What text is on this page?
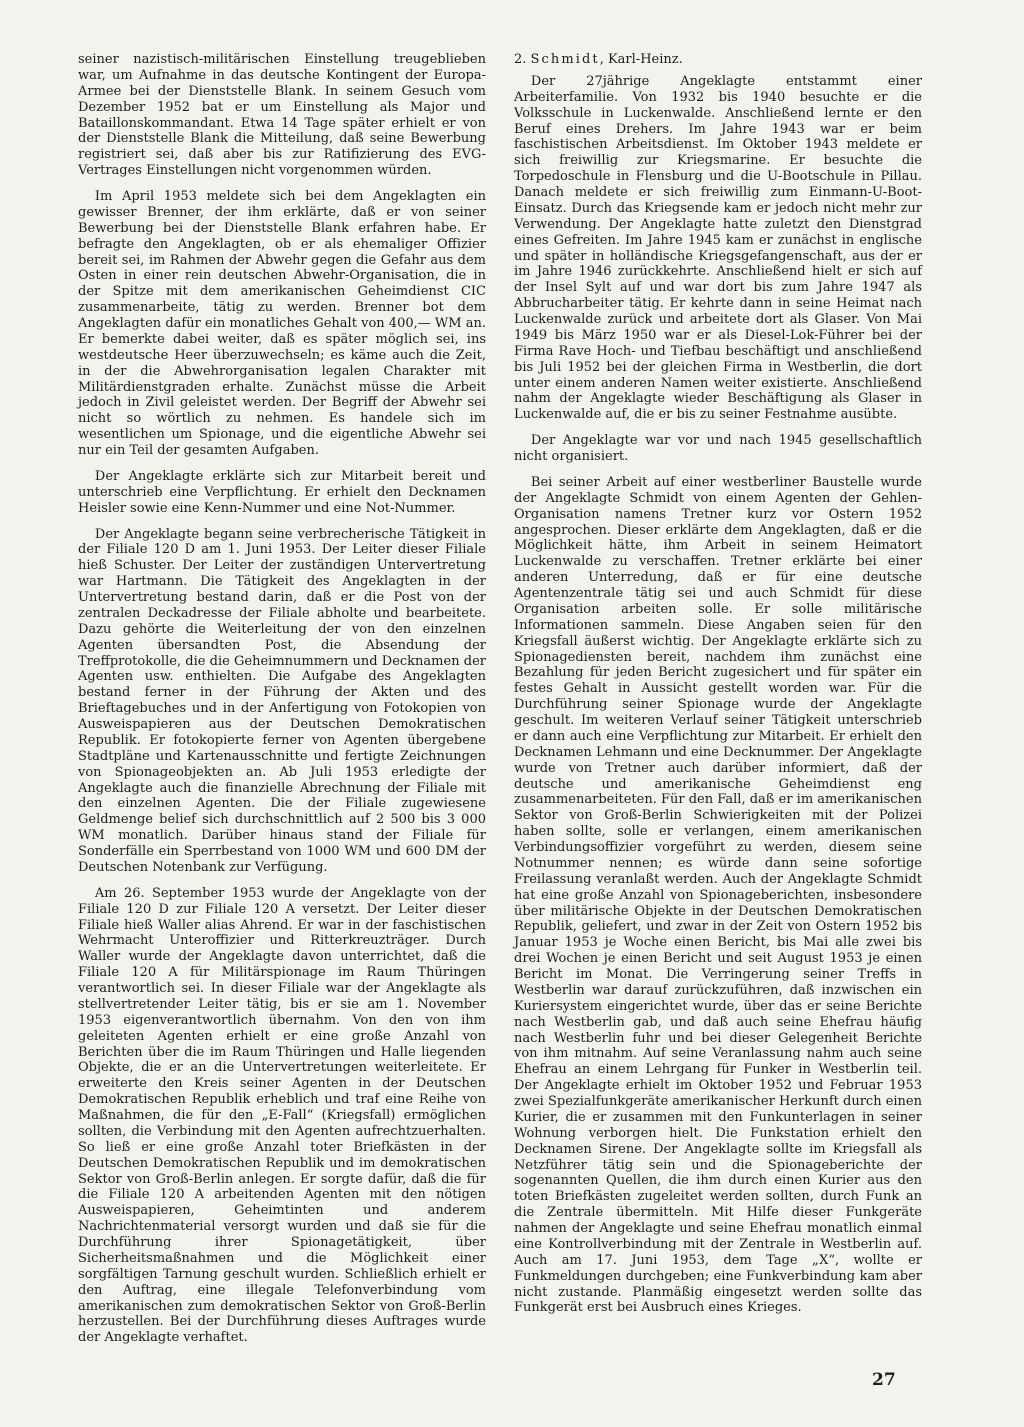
seiner nazistisch-militärischen Einstellung treugeblieben war, um Aufnahme in das deutsche Kontingent der Europa-Armee bei der Dienststelle Blank. In seinem Gesuch vom Dezember 1952 bat er um Einstellung als Major und Bataillonskommandant. Etwa 14 Tage später erhielt er von der Dienststelle Blank die Mitteilung, daß seine Bewerbung registriert sei, daß aber bis zur Ratifizierung des EVG-Vertrages Einstellungen nicht vorgenommen würden.

Im April 1953 meldete sich bei dem Angeklagten ein gewisser Brenner, der ihm erklärte, daß er von seiner Bewerbung bei der Dienststelle Blank erfahren habe. Er befragte den Angeklagten, ob er als ehemaliger Offizier bereit sei, im Rahmen der Abwehr gegen die Gefahr aus dem Osten in einer rein deutschen Abwehr-Organisation, die in der Spitze mit dem amerikanischen Geheimdienst CIC zusammenarbeite, tätig zu werden. Brenner bot dem Angeklagten dafür ein monatliches Gehalt von 400,— WM an. Er bemerkte dabei weiter, daß es später möglich sei, ins westdeutsche Heer überzuwechseln; es käme auch die Zeit, in der die Abwehrorganisation legalen Charakter mit Militärdienstgraden erhalte. Zunächst müsse die Arbeit jedoch in Zivil geleistet werden. Der Begriff der Abwehr sei nicht so wörtlich zu nehmen. Es handele sich im wesentlichen um Spionage, und die eigentliche Abwehr sei nur ein Teil der gesamten Aufgaben.

Der Angeklagte erklärte sich zur Mitarbeit bereit und unterschrieb eine Verpflichtung. Er erhielt den Decknamen Heisler sowie eine Kenn-Nummer und eine Not-Nummer.

Der Angeklagte begann seine verbrecherische Tätigkeit in der Filiale 120 D am 1. Juni 1953. Der Leiter dieser Filiale hieß Schuster. Der Leiter der zuständigen Untervertretung war Hartmann. Die Tätigkeit des Angeklagten in der Untervertretung bestand darin, daß er die Post von der zentralen Deckadresse der Filiale abholte und bearbeitete. Dazu gehörte die Weiterleitung der von den einzelnen Agenten übersandten Post, die Absendung der Treffprotokolle, die die Geheimnummern und Decknamen der Agenten usw. enthielten. Die Aufgabe des Angeklagten bestand ferner in der Führung der Akten und des Brieftagebuches und in der Anfertigung von Fotokopien von Ausweispapieren aus der Deutschen Demokratischen Republik. Er fotokopierte ferner von Agenten übergebene Stadtpläne und Kartenausschnitte und fertigte Zeichnungen von Spionageobjekten an. Ab Juli 1953 erledigte der Angeklagte auch die finanzielle Abrechnung der Filiale mit den einzelnen Agenten. Die der Filiale zugewiesene Geldmenge belief sich durchschnittlich auf 2 500 bis 3 000 WM monatlich. Darüber hinaus stand der Filiale für Sonderfälle ein Sperrbestand von 1000 WM und 600 DM der Deutschen Notenbank zur Verfügung.

Am 26. September 1953 wurde der Angeklagte von der Filiale 120 D zur Filiale 120 A versetzt. Der Leiter dieser Filiale hieß Waller alias Ahrend. Er war in der faschistischen Wehrmacht Unteroffizier und Ritterkreuzträger. Durch Waller wurde der Angeklagte davon unterrichtet, daß die Filiale 120 A für Militärspionage im Raum Thüringen verantwortlich sei. In dieser Filiale war der Angeklagte als stellvertretender Leiter tätig, bis er sie am 1. November 1953 eigenverantwortlich übernahm. Von den von ihm geleiteten Agenten erhielt er eine große Anzahl von Berichten über die im Raum Thüringen und Halle liegenden Objekte, die er an die Untervertretungen weiterleitete. Er erweiterte den Kreis seiner Agenten in der Deutschen Demokratischen Republik erheblich und traf eine Reihe von Maßnahmen, die für den „E-Fall“ (Kriegsfall) ermöglichen sollten, die Verbindung mit den Agenten aufrechtzuerhalten. So ließ er eine große Anzahl toter Briefkästen in der Deutschen Demokratischen Republik und im demokratischen Sektor von Groß-Berlin anlegen. Er sorgte dafür, daß die für die Filiale 120 A arbeitenden Agenten mit den nötigen Ausweispapieren, Geheimtinten und anderem Nachrichtenmaterial versorgt wurden und daß sie für die Durchführung ihrer Spionagetätigkeit, über Sicherheitsmaßnahmen und die Möglichkeit einer sorgfältigen Tarnung geschult wurden. Schließlich erhielt er den Auftrag, eine illegale Telefonverbindung vom amerikanischen zum demokratischen Sektor von Groß-Berlin herzustellen. Bei der Durchführung dieses Auftrages wurde der Angeklagte verhaftet.

2. Schmidt, Karl-Heinz.

Der 27jährige Angeklagte entstammt einer Arbeiterfamilie. Von 1932 bis 1940 besuchte er die Volksschule in Luckenwalde. Anschließend lernte er den Beruf eines Drehers. Im Jahre 1943 war er beim faschistischen Arbeitsdienst. Im Oktober 1943 meldete er sich freiwillig zur Kriegsmarine. Er besuchte die Torpedoschule in Flensburg und die U-Bootschule in Pillau. Danach meldete er sich freiwillig zum Einmann-U-Boot-Einsatz. Durch das Kriegsende kam er jedoch nicht mehr zur Verwendung. Der Angeklagte hatte zuletzt den Dienstgrad eines Gefreiten. Im Jahre 1945 kam er zunächst in englische und später in holländische Kriegsgefangenschaft, aus der er im Jahre 1946 zurückkehrte. Anschließend hielt er sich auf der Insel Sylt auf und war dort bis zum Jahre 1947 als Abbrucharbeiter tätig. Er kehrte dann in seine Heimat nach Luckenwalde zurück und arbeitete dort als Glaser. Von Mai 1949 bis März 1950 war er als Diesel-Lok-Führer bei der Firma Rave Hoch- und Tiefbau beschäftigt und anschließend bis Juli 1952 bei der gleichen Firma in Westberlin, die dort unter einem anderen Namen weiter existierte. Anschließend nahm der Angeklagte wieder Beschäftigung als Glaser in Luckenwalde auf, die er bis zu seiner Festnahme ausübte.

Der Angeklagte war vor und nach 1945 gesellschaftlich nicht organisiert.

Bei seiner Arbeit auf einer westberliner Baustelle wurde der Angeklagte Schmidt von einem Agenten der Gehlen-Organisation namens Tretner kurz vor Ostern 1952 angesprochen. Dieser erklärte dem Angeklagten, daß er die Möglichkeit hätte, ihm Arbeit in seinem Heimatort Luckenwalde zu verschaffen. Tretner erklärte bei einer anderen Unterredung, daß er für eine deutsche Agentenzentrale tätig sei und auch Schmidt für diese Organisation arbeiten solle. Er solle militärische Informationen sammeln. Diese Angaben seien für den Kriegsfall äußerst wichtig. Der Angeklagte erklärte sich zu Spionagediensten bereit, nachdem ihm zunächst eine Bezahlung für jeden Bericht zugesichert und für später ein festes Gehalt in Aussicht gestellt worden war. Für die Durchführung seiner Spionage wurde der Angeklagte geschult. Im weiteren Verlauf seiner Tätigkeit unterschrieb er dann auch eine Verpflichtung zur Mitarbeit. Er erhielt den Decknamen Lehmann und eine Decknummer. Der Angeklagte wurde von Tretner auch darüber informiert, daß der deutsche und amerikanische Geheimdienst eng zusammenarbeiteten. Für den Fall, daß er im amerikanischen Sektor von Groß-Berlin Schwierigkeiten mit der Polizei haben sollte, solle er verlangen, einem amerikanischen Verbindungsoffizier vorgeführt zu werden, diesem seine Notnummer nennen; es würde dann seine sofortige Freilassung veranlaßt werden. Auch der Angeklagte Schmidt hat eine große Anzahl von Spionageberichten, insbesondere über militärische Objekte in der Deutschen Demokratischen Republik, geliefert, und zwar in der Zeit von Ostern 1952 bis Januar 1953 je Woche einen Bericht, bis Mai alle zwei bis drei Wochen je einen Bericht und seit August 1953 je einen Bericht im Monat. Die Verringerung seiner Treffs in Westberlin war darauf zurückzuführen, daß inzwischen ein Kuriersystem eingerichtet wurde, über das er seine Berichte nach Westberlin gab, und daß auch seine Ehefrau häufig nach Westberlin fuhr und bei dieser Gelegenheit Berichte von ihm mitnahm. Auf seine Veranlassung nahm auch seine Ehefrau an einem Lehrgang für Funker in Westberlin teil. Der Angeklagte erhielt im Oktober 1952 und Februar 1953 zwei Spezialfunkgeräte amerikanischer Herkunft durch einen Kurier, die er zusammen mit den Funkunterlagen in seiner Wohnung verborgen hielt. Die Funkstation erhielt den Decknamen Sirene. Der Angeklagte sollte im Kriegsfall als Netzführer tätig sein und die Spionageberichte der sogenannten Quellen, die ihm durch einen Kurier aus den toten Briefkästen zugeleitet werden sollten, durch Funk an die Zentrale übermitteln. Mit Hilfe dieser Funkgeräte nahmen der Angeklagte und seine Ehefrau monatlich einmal eine Kontrollverbindung mit der Zentrale in Westberlin auf. Auch am 17. Juni 1953, dem Tage „X“, wollte er Funkmeldungen durchgeben; eine Funkverbindung kam aber nicht zustande. Planmäßig eingesetzt werden sollte das Funkgerät erst bei Ausbruch eines Krieges.

27
